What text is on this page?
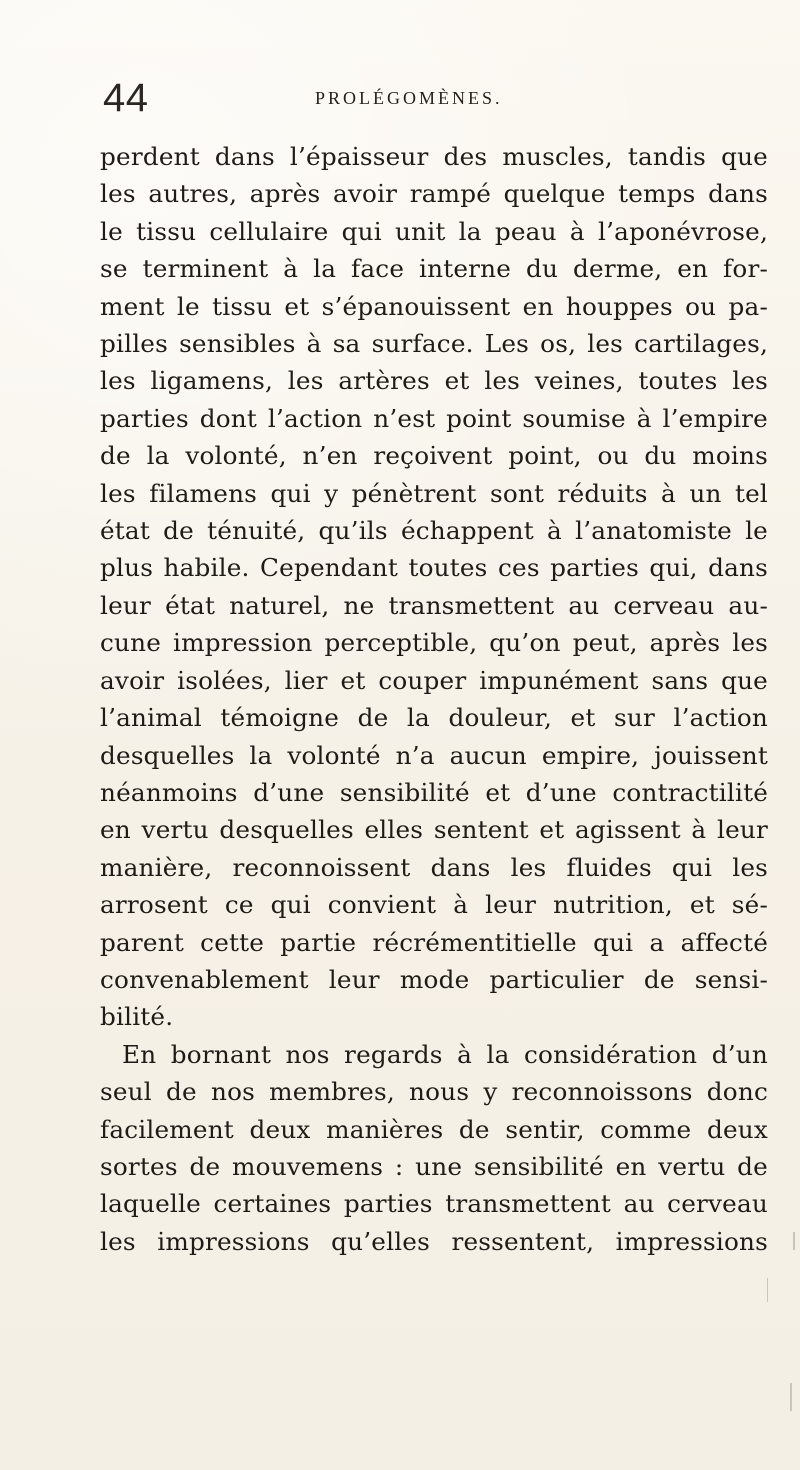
44	PROLÉGOMÈNES.
perdent dans l’épaisseur des muscles, tandis que
les autres, après avoir rampé quelque temps dans
le tissu cellulaire qui unit la peau à l’aponévrose,
se terminent à la face interne du derme, en for-
ment le tissu et s’épanouissent en houppes ou pa-
pilles sensibles à sa surface. Les os, les cartilages,
les ligamens, les artères et les veines, toutes les
parties dont l’action n’est point soumise à l’empire
de la volonté, n’en reçoivent point, ou du moins
les filamens qui y pénètrent sont réduits à un tel
état de ténuité, qu’ils échappent à l’anatomiste le
plus habile. Cependant toutes ces parties qui, dans
leur état naturel, ne transmettent au cerveau au-
cune impression perceptible, qu’on peut, après les
avoir isolées, lier et couper impunément sans que
l’animal témoigne de la douleur, et sur l’action
desquelles la volonté n’a aucun empire, jouissent
néanmoins d’une sensibilité et d’une contractilité
en vertu desquelles elles sentent et agissent à leur
manière, reconnoissent dans les fluides qui les
arrosent ce qui convient à leur nutrition, et sé-
parent cette partie récrémentitielle qui a affecté
convenablement leur mode particulier de sensi-
bilité.
En bornant nos regards à la considération d’un
seul de nos membres, nous y reconnoissons donc
facilement deux manières de sentir, comme deux
sortes de mouvemens : une sensibilité en vertu de
laquelle certaines parties transmettent au cerveau
les impressions qu’elles ressentent, impressions
